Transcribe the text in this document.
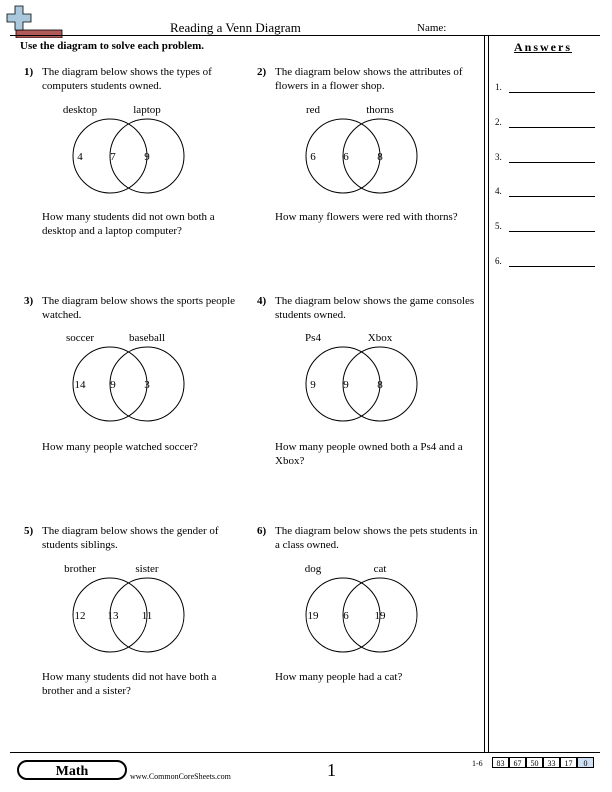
Reading a Venn Diagram	Name:
Use the diagram to solve each problem.	Answers
1.
2.
3.
4.
5.
6.
1) The diagram below shows the types of computers students owned.
desktop	laptop
4	7	9
How many students did not own both a desktop and a laptop computer?
2) The diagram below shows the attributes of flowers in a flower shop.
red	thorns
6	6	8
How many flowers were red with thorns?
3) The diagram below shows the sports people watched.
soccer	baseball
14 9	3
How many people watched soccer?
4) The diagram below shows the game consoles students owned.
Ps4	Xbox
9	9	8
How many people owned both a Ps4 and a Xbox?
5) The diagram below shows the gender of students siblings.
brother	sister
12 13 11
How many students did not have both a brother and a sister?
6) The diagram below shows the pets students in a class owned.
dog	cat
19 6 19
How many people had a cat?
Math	www.CommonCoreSheets.com	1	1-6	83	67	50	33	17	0
